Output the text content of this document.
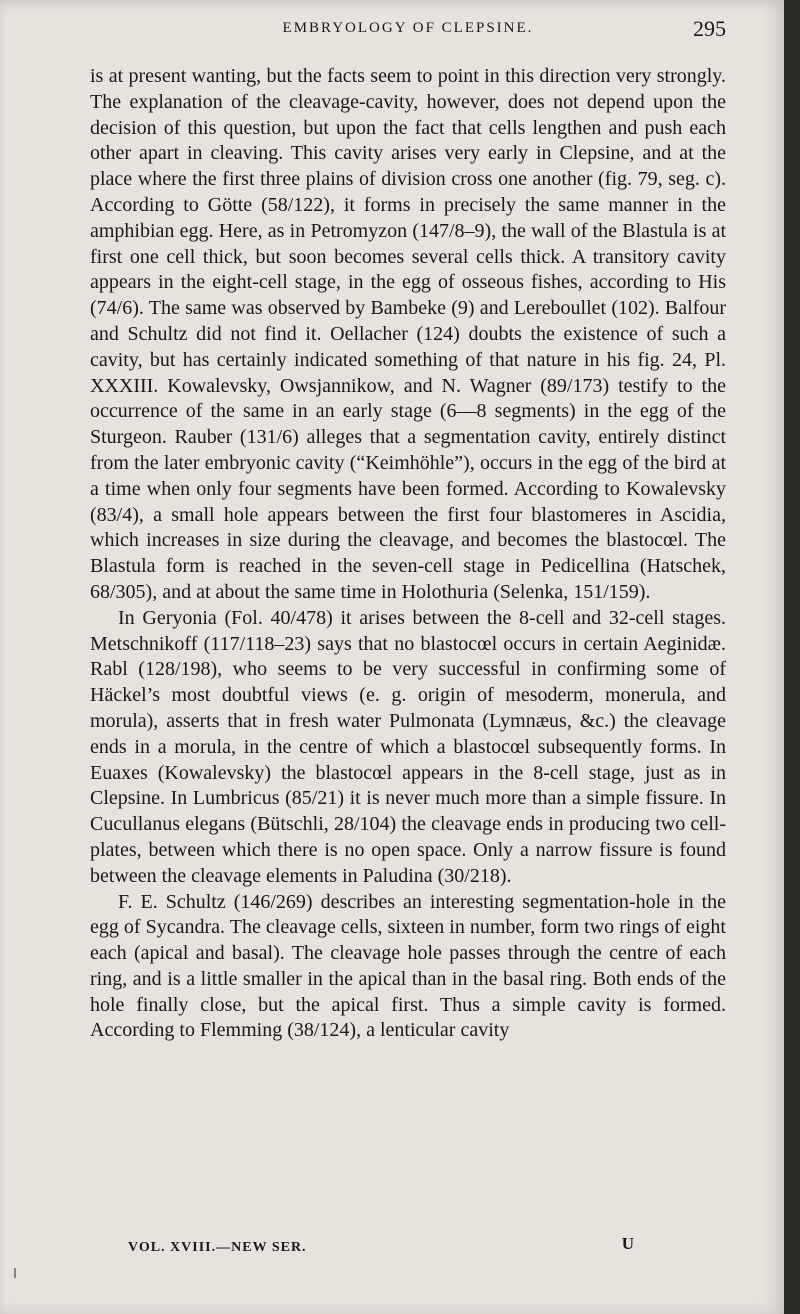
EMBRYOLOGY OF CLEPSINE.	295

is at present wanting, but the facts seem to point in this direction very strongly. The explanation of the cleavage-cavity, however, does not depend upon the decision of this question, but upon the fact that cells lengthen and push each other apart in cleaving. This cavity arises very early in Clepsine, and at the place where the first three plains of division cross one another (fig. 79, seg. c). According to Götte (58/122), it forms in precisely the same manner in the amphibian egg. Here, as in Petromyzon (147/8–9), the wall of the Blastula is at first one cell thick, but soon becomes several cells thick. A transitory cavity appears in the eight-cell stage, in the egg of osseous fishes, according to His (74/6). The same was observed by Bambeke (9) and Lereboullet (102). Balfour and Schultz did not find it. Oellacher (124) doubts the existence of such a cavity, but has certainly indicated something of that nature in his fig. 24, Pl. XXXIII. Kowalevsky, Owsjannikow, and N. Wagner (89/173) testify to the occurrence of the same in an early stage (6—8 segments) in the egg of the Sturgeon. Rauber (131/6) alleges that a segmentation cavity, entirely distinct from the later embryonic cavity (“Keimhöhle”), occurs in the egg of the bird at a time when only four segments have been formed. According to Kowalevsky (83/4), a small hole appears between the first four blastomeres in Ascidia, which increases in size during the cleavage, and becomes the blastocœl. The Blastula form is reached in the seven-cell stage in Pedicellina (Hatschek, 68/305), and at about the same time in Holothuria (Selenka, 151/159).

In Geryonia (Fol. 40/478) it arises between the 8-cell and 32-cell stages. Metschnikoff (117/118–23) says that no blastocœl occurs in certain Aeginidæ. Rabl (128/198), who seems to be very successful in confirming some of Häckel’s most doubtful views (e. g. origin of mesoderm, monerula, and morula), asserts that in fresh water Pulmonata (Lymnæus, &c.) the cleavage ends in a morula, in the centre of which a blastocœl subsequently forms. In Euaxes (Kowalevsky) the blastocœl appears in the 8-cell stage, just as in Clepsine. In Lumbricus (85/21) it is never much more than a simple fissure. In Cucullanus elegans (Bütschli, 28/104) the cleavage ends in producing two cell-plates, between which there is no open space. Only a narrow fissure is found between the cleavage elements in Paludina (30/218).

F. E. Schultz (146/269) describes an interesting segmentation-hole in the egg of Sycandra. The cleavage cells, sixteen in number, form two rings of eight each (apical and basal). The cleavage hole passes through the centre of each ring, and is a little smaller in the apical than in the basal ring. Both ends of the hole finally close, but the apical first. Thus a simple cavity is formed. According to Flemming (38/124), a lenticular cavity

VOL. XVIII.—NEW SER.	U
